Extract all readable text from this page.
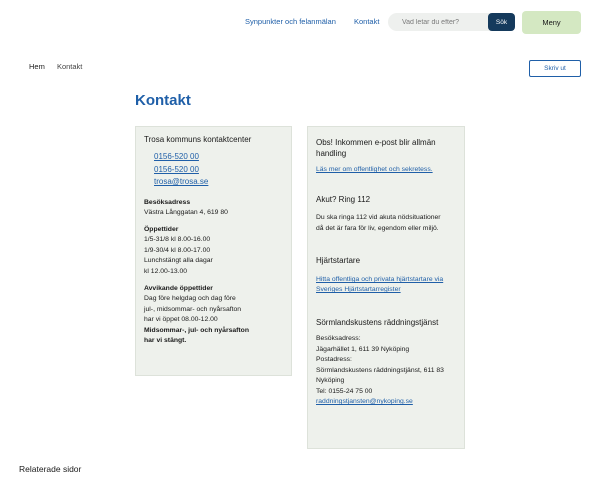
Synpunkter och felanmälan Kontakt
Vad letar du efter?	Sök	Meny
Hem Kontakt	Skriv ut
Kontakt
Trosa kommuns kontaktcenter
0156-520 00
0156-520 00
trosa@trosa.se
Besöksadress
Västra Långgatan 4, 619 80
Öppettider
1/5-31/8 kl 8.00-16.00
1/9-30/4 kl 8.00-17.00
Lunchstängt alla dagar
kl 12.00-13.00
Avvikande öppettider
Dag före helgdag och dag före
jul-, midsommar- och nyårsafton
har vi öppet 08.00-12.00
Midsommar-, jul- och nyårsafton
har vi stängt.
Obs! Inkommen e-post blir allmän
handling
Läs mer om offentlighet och sekretess.
Akut? Ring 112
Du ska ringa 112 vid akuta nödsituationer
då det är fara för liv, egendom eller miljö.
Hjärtstartare
Hitta offentliga och privata hjärtstartare via
Sveriges Hjärtstartarregister
Sörmlandskustens räddningstjänst
Besöksadress:
Jägarhället 1, 611 39 Nyköping
Postadress:
Sörmlandskustens räddningstjänst, 611 83
Nyköping
Tel: 0155-24 75 00
raddningstjansten@nykoping.se
Relaterade sidor
